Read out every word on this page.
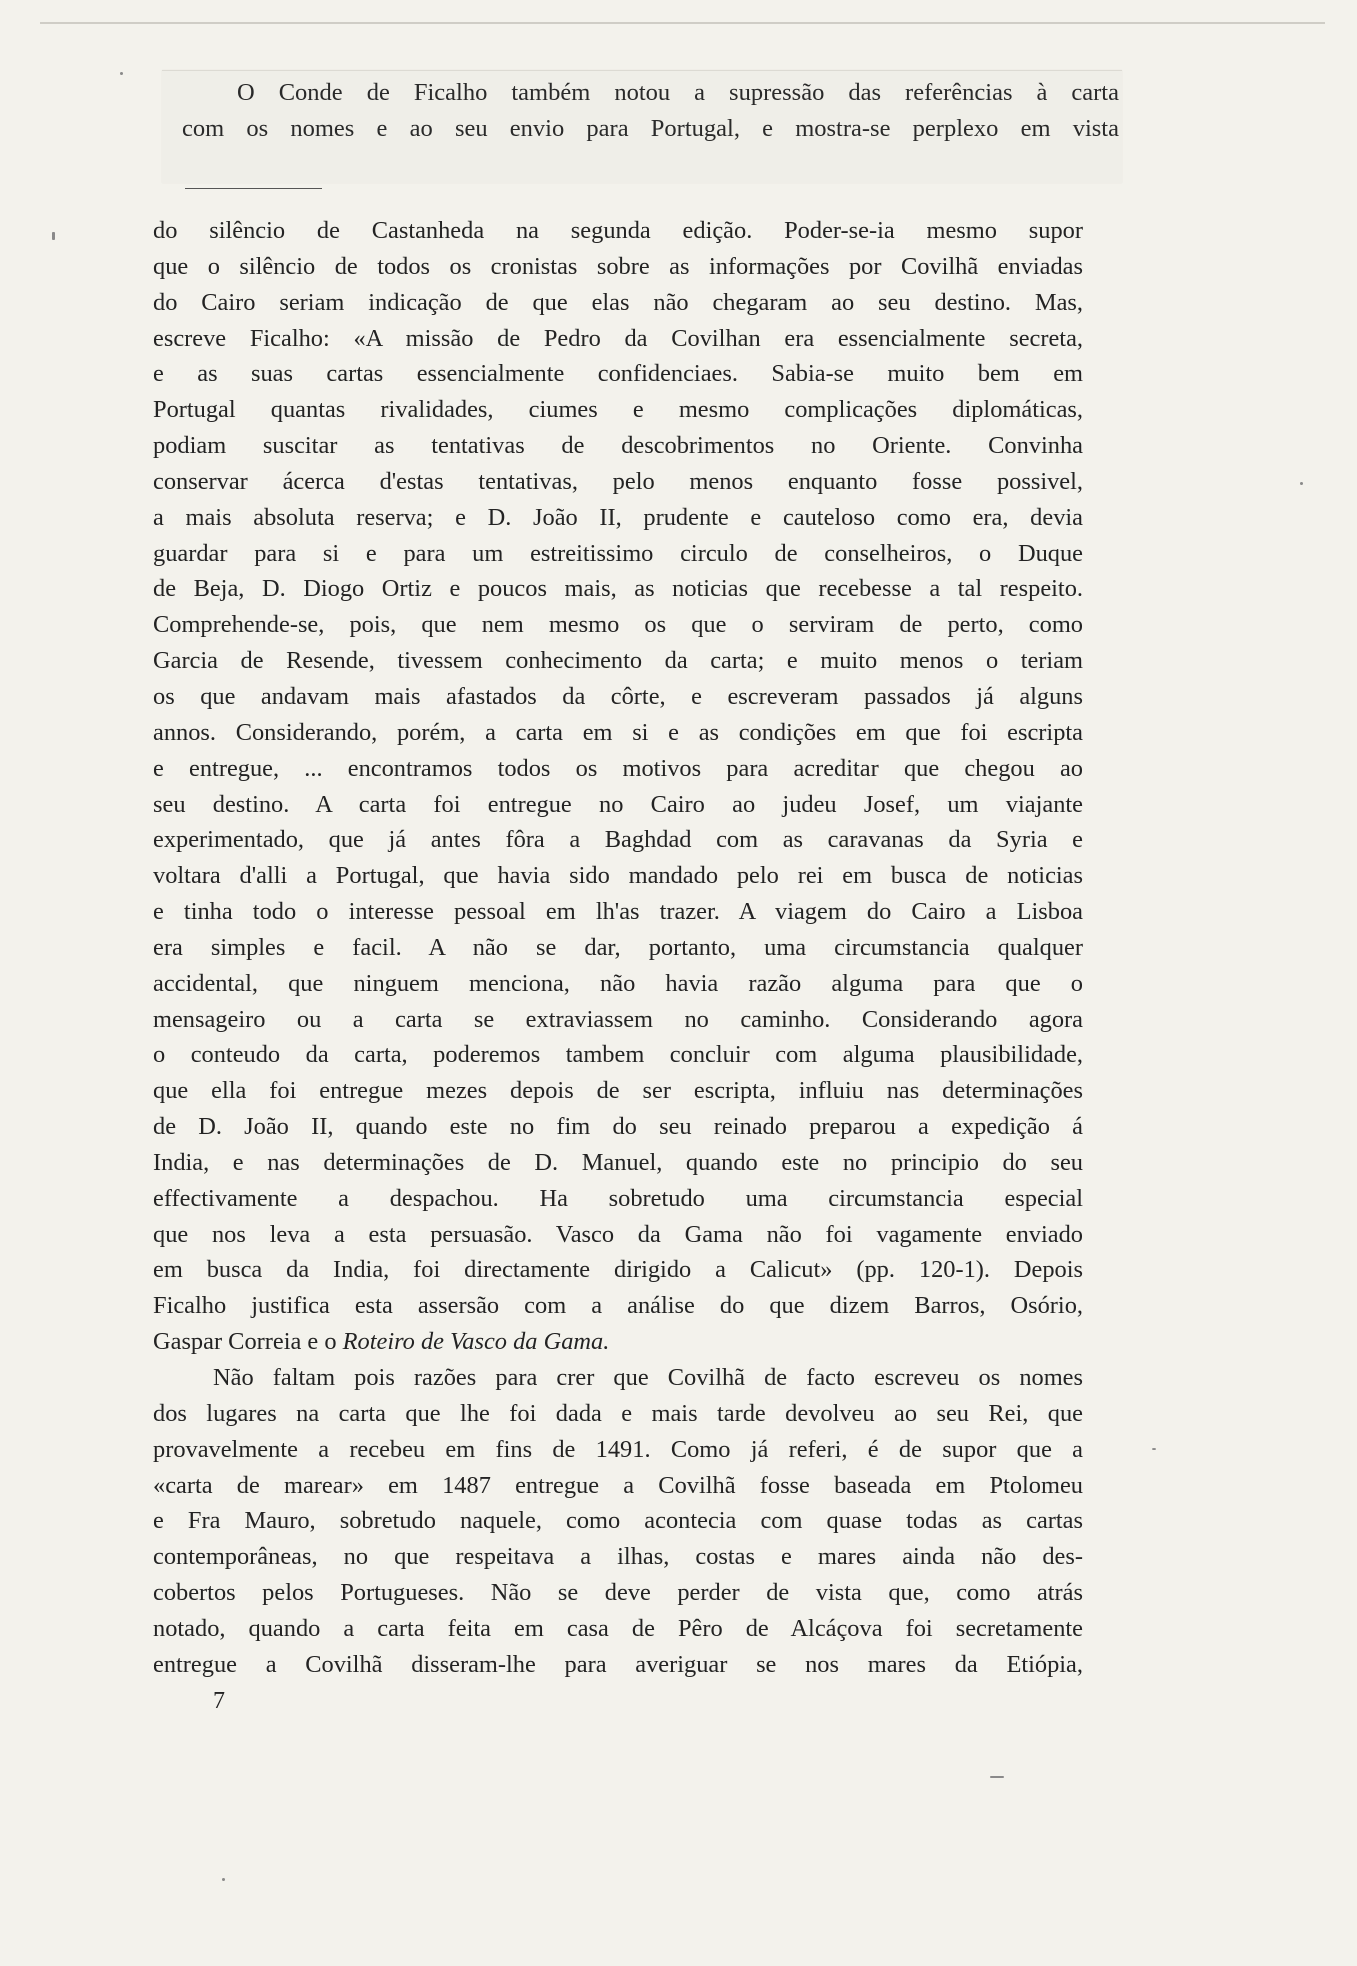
O Conde de Ficalho também notou a supressão das referências à carta
com os nomes e ao seu envio para Portugal, e mostra-se perplexo em vista
do silêncio de Castanheda na segunda edição. Poder-se-ia mesmo supor
que o silêncio de todos os cronistas sobre as informações por Covilhã enviadas
do Cairo seriam indicação de que elas não chegaram ao seu destino. Mas,
escreve Ficalho: «A missão de Pedro da Covilhan era essencialmente secreta,
e as suas cartas essencialmente confidenciaes. Sabia-se muito bem em
Portugal quantas rivalidades, ciumes e mesmo complicações diplomáticas,
podiam suscitar as tentativas de descobrimentos no Oriente. Convinha
conservar ácerca d'estas tentativas, pelo menos enquanto fosse possivel,
a mais absoluta reserva; e D. João II, prudente e cauteloso como era, devia
guardar para si e para um estreitissimo circulo de conselheiros, o Duque
de Beja, D. Diogo Ortiz e poucos mais, as noticias que recebesse a tal respeito.
Comprehende-se, pois, que nem mesmo os que o serviram de perto, como
Garcia de Resende, tivessem conhecimento da carta; e muito menos o teriam
os que andavam mais afastados da côrte, e escreveram passados já alguns
annos. Considerando, porém, a carta em si e as condições em que foi escripta
e entregue, ... encontramos todos os motivos para acreditar que chegou ao
seu destino. A carta foi entregue no Cairo ao judeu Josef, um viajante
experimentado, que já antes fôra a Baghdad com as caravanas da Syria e
voltara d'alli a Portugal, que havia sido mandado pelo rei em busca de noticias
e tinha todo o interesse pessoal em lh'as trazer. A viagem do Cairo a Lisboa
era simples e facil. A não se dar, portanto, uma circumstancia qualquer
accidental, que ninguem menciona, não havia razão alguma para que o
mensageiro ou a carta se extraviassem no caminho. Considerando agora
o conteudo da carta, poderemos tambem concluir com alguma plausibilidade,
que ella foi entregue mezes depois de ser escripta, influiu nas determinações
de D. João II, quando este no fim do seu reinado preparou a expedição á
India, e nas determinações de D. Manuel, quando este no principio do seu
effectivamente a despachou. Ha sobretudo uma circumstancia especial
que nos leva a esta persuasão. Vasco da Gama não foi vagamente enviado
em busca da India, foi directamente dirigido a Calicut» (pp. 120-1). Depois
Ficalho justifica esta assersão com a análise do que dizem Barros, Osório,
Gaspar Correia e o Roteiro de Vasco da Gama.
Não faltam pois razões para crer que Covilhã de facto escreveu os nomes
dos lugares na carta que lhe foi dada e mais tarde devolveu ao seu Rei, que
provavelmente a recebeu em fins de 1491. Como já referi, é de supor que a
«carta de marear» em 1487 entregue a Covilhã fosse baseada em Ptolomeu
e Fra Mauro, sobretudo naquele, como acontecia com quase todas as cartas
contemporâneas, no que respeitava a ilhas, costas e mares ainda não des-
cobertos pelos Portugueses. Não se deve perder de vista que, como atrás
notado, quando a carta feita em casa de Pêro de Alcáçova foi secretamente
entregue a Covilhã disseram-lhe para averiguar se nos mares da Etiópia,
7
